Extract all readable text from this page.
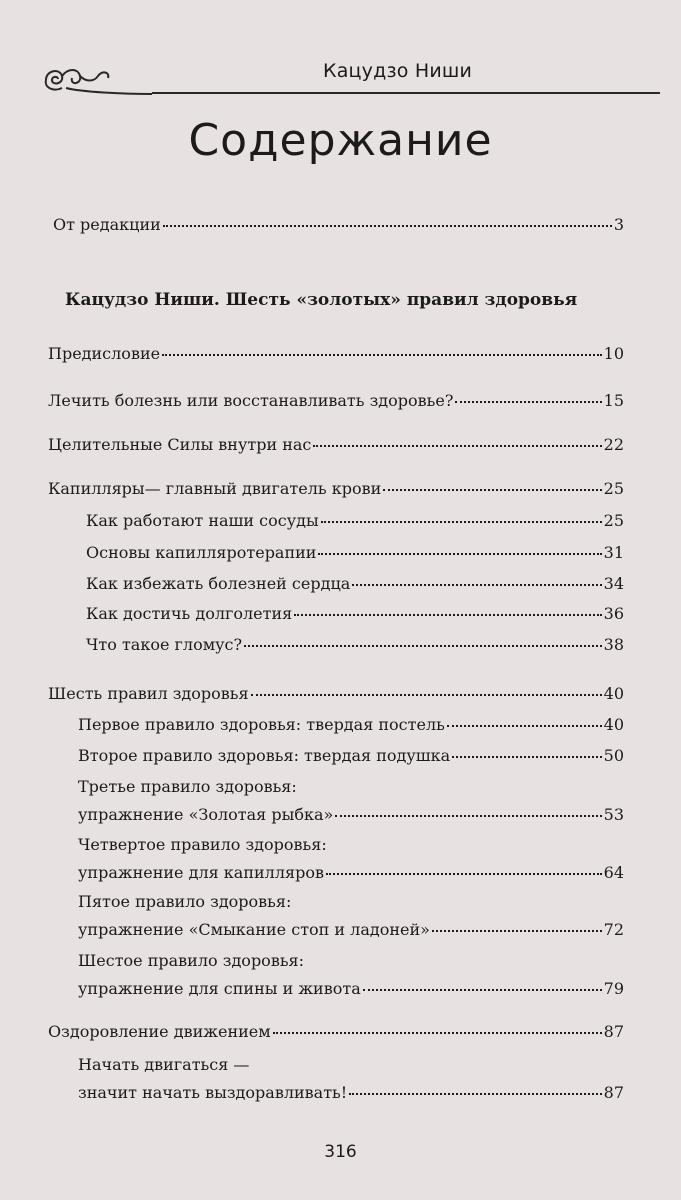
Кацудзо Ниши
Содержание
От редакции	3
Кацудзо Ниши. Шесть «золотых» правил здоровья
Предисловие	10
Лечить болезнь или восстанавливать здоровье?	15
Целительные Силы внутри нас	22
Капилляры— главный двигатель крови	25
Как работают наши сосуды	25
Основы капилляротерапии	31
Как избежать болезней сердца	34
Как достичь долголетия	36
Что такое гломус?	38
Шесть правил здоровья	40
Первое правило здоровья: твердая постель	40
Второе правило здоровья: твердая подушка	50
Третье правило здоровья:
упражнение «Золотая рыбка»	53
Четвертое правило здоровья:
упражнение для капилляров	64
Пятое правило здоровья:
упражнение «Смыкание стоп и ладоней»	72
Шестое правило здоровья:
упражнение для спины и живота	79
Оздоровление движением	87
Начать двигаться —
значит начать выздоравливать!	87
316
